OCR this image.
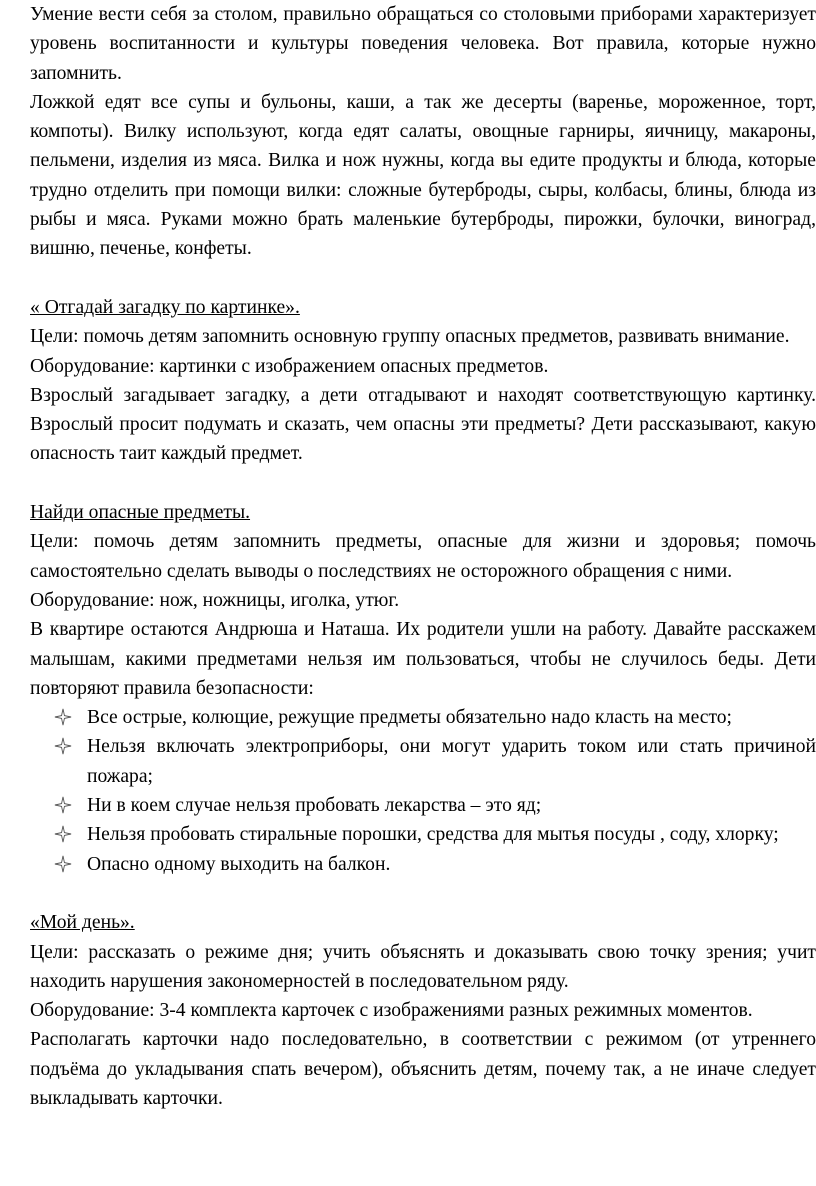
Умение вести себя за столом, правильно обращаться со столовыми приборами характеризует уровень воспитанности и культуры поведения человека. Вот правила, которые нужно запомнить.

Ложкой едят все супы и бульоны, каши, а так же десерты (варенье, мороженное, торт, компоты). Вилку используют, когда едят салаты, овощные гарниры, яичницу, макароны, пельмени, изделия из мяса. Вилка и нож нужны, когда вы едите продукты и блюда, которые трудно отделить при помощи вилки: сложные бутерброды, сыры, колбасы, блины, блюда из рыбы и мяса. Руками можно брать маленькие бутерброды, пирожки, булочки, виноград, вишню, печенье, конфеты.

« Отгадай загадку по картинке».

Цели: помочь детям запомнить основную группу опасных предметов, развивать внимание.

Оборудование: картинки с изображением опасных предметов.

Взрослый загадывает загадку, а дети отгадывают и находят соответствующую картинку. Взрослый просит подумать и сказать, чем опасны эти предметы? Дети рассказывают, какую опасность таит каждый предмет.

Найди опасные предметы.

Цели: помочь детям запомнить предметы, опасные для жизни и здоровья; помочь самостоятельно сделать выводы о последствиях не осторожного обращения с ними.

Оборудование: нож, ножницы, иголка, утюг.

В квартире остаются Андрюша и Наташа. Их родители ушли на работу. Давайте расскажем малышам, какими предметами нельзя им пользоваться, чтобы не случилось беды. Дети повторяют правила безопасности:

Все острые, колющие, режущие предметы обязательно надо класть на место;
Нельзя включать электроприборы, они могут ударить током или стать причиной пожара;
Ни в коем случае нельзя пробовать лекарства – это яд;
Нельзя пробовать стиральные порошки, средства для мытья посуды , соду, хлорку;
Опасно одному выходить на балкон.

«Мой день».

Цели: рассказать о режиме дня; учить объяснять и доказывать свою точку зрения; учит находить нарушения закономерностей в последовательном ряду.

Оборудование: 3-4 комплекта карточек с изображениями разных режимных моментов.

Располагать карточки надо последовательно, в соответствии с режимом (от утреннего подъёма до укладывания спать вечером), объяснить детям, почему так, а не иначе следует выкладывать карточки.
